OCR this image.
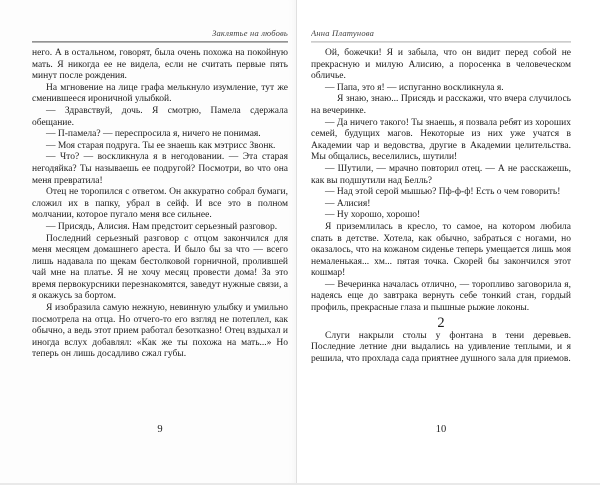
Заклятье на любовь

него. А в остальном, говорят, была очень похожа на покойную мать. Я никогда ее не видела, если не считать первые пять минут после рождения.

На мгновение на лице графа мелькнуло изумление, тут же сменившееся ироничной улыбкой.

— Здравствуй, дочь. Я смотрю, Памела сдержала обещание.

— П-памела? — переспросила я, ничего не понимая.

— Моя старая подруга. Ты ее знаешь как мэтрисс Звонк.

— Что? — воскликнула я в негодовании. — Эта старая негодяйка? Ты называешь ее подругой? Посмотри, во что она меня превратила!

Отец не торопился с ответом. Он аккуратно собрал бумаги, сложил их в папку, убрал в сейф. И все это в полном молчании, которое пугало меня все сильнее.

— Присядь, Алисия. Нам предстоит серьезный разговор.

Последний серьезный разговор с отцом закончился для меня месяцем домашнего ареста. И было бы за что — всего лишь надавала по щекам бестолковой горничной, пролившей чай мне на платье. Я не хочу месяц провести дома! За это время первокурсники перезнакомятся, заведут нужные связи, а я окажусь за бортом.

Я изобразила самую нежную, невинную улыбку и умильно посмотрела на отца. Но отчего-то его взгляд не потеплел, как обычно, а ведь этот прием работал безотказно! Отец вздыхал и иногда вслух добавлял: «Как же ты похожа на мать...» Но теперь он лишь досадливо сжал губы.

9
Анна Платунова

Ой, божечки! Я и забыла, что он видит перед собой не прекрасную и милую Алисию, а поросенка в человеческом обличье.

— Папа, это я! — испуганно воскликнула я.

Я знаю, знаю... Присядь и расскажи, что вчера случилось на вечеринке.

— Да ничего такого! Ты знаешь, я позвала ребят из хороших семей, будущих магов. Некоторые из них уже учатся в Академии чар и ведовства, другие в Академии целительства. Мы общались, веселились, шутили!

— Шутили, — мрачно повторил отец. — А не расскажешь, как вы подшутили над Белль?

— Над этой серой мышью? Пф-ф-ф! Есть о чем говорить!

— Алисия!

— Ну хорошо, хорошо!

Я приземлилась в кресло, то самое, на котором любила спать в детстве. Хотела, как обычно, забраться с ногами, но оказалось, что на кожаном сиденье теперь умещается лишь моя немаленькая... хм... пятая точка. Скорей бы закончился этот кошмар!

— Вечеринка началась отлично, — торопливо заговорила я, надеясь еще до завтрака вернуть себе тонкий стан, гордый профиль, прекрасные глаза и пышные рыжие локоны.

2

Слуги накрыли столы у фонтана в тени деревьев. Последние летние дни выдались на удивление теплыми, и я решила, что прохлада сада приятнее душного зала для приемов.

10
